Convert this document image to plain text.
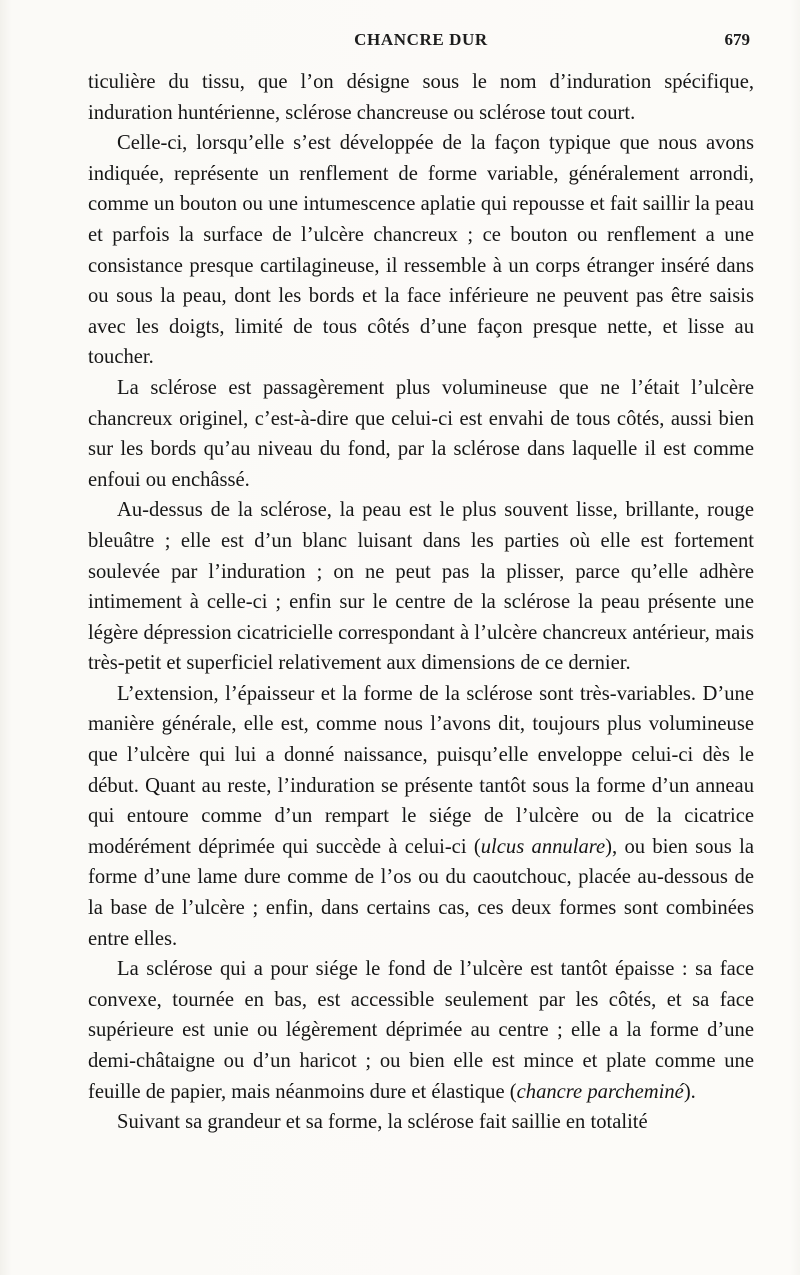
CHANCRE DUR	679

ticulière du tissu, que l’on désigne sous le nom d’induration spécifique, induration huntérienne, sclérose chancreuse ou sclérose tout court.

Celle-ci, lorsqu’elle s’est développée de la façon typique que nous avons indiquée, représente un renflement de forme variable, généralement arrondi, comme un bouton ou une intumescence aplatie qui repousse et fait saillir la peau et parfois la surface de l’ulcère chancreux ; ce bouton ou renflement a une consistance presque cartilagineuse, il ressemble à un corps étranger inséré dans ou sous la peau, dont les bords et la face inférieure ne peuvent pas être saisis avec les doigts, limité de tous côtés d’une façon presque nette, et lisse au toucher.

La sclérose est passagèrement plus volumineuse que ne l’était l’ulcère chancreux originel, c’est-à-dire que celui-ci est envahi de tous côtés, aussi bien sur les bords qu’au niveau du fond, par la sclérose dans laquelle il est comme enfoui ou enchâssé.

Au-dessus de la sclérose, la peau est le plus souvent lisse, brillante, rouge bleuâtre ; elle est d’un blanc luisant dans les parties où elle est fortement soulevée par l’induration ; on ne peut pas la plisser, parce qu’elle adhère intimement à celle-ci ; enfin sur le centre de la sclérose la peau présente une légère dépression cicatricielle correspondant à l’ulcère chancreux antérieur, mais très-petit et superficiel relativement aux dimensions de ce dernier.

L’extension, l’épaisseur et la forme de la sclérose sont très-variables. D’une manière générale, elle est, comme nous l’avons dit, toujours plus volumineuse que l’ulcère qui lui a donné naissance, puisqu’elle enveloppe celui-ci dès le début. Quant au reste, l’induration se présente tantôt sous la forme d’un anneau qui entoure comme d’un rempart le siége de l’ulcère ou de la cicatrice modérément déprimée qui succède à celui-ci (ulcus annulare), ou bien sous la forme d’une lame dure comme de l’os ou du caoutchouc, placée au-dessous de la base de l’ulcère ; enfin, dans certains cas, ces deux formes sont combinées entre elles.

La sclérose qui a pour siége le fond de l’ulcère est tantôt épaisse : sa face convexe, tournée en bas, est accessible seulement par les côtés, et sa face supérieure est unie ou légèrement déprimée au centre ; elle a la forme d’une demi-châtaigne ou d’un haricot ; ou bien elle est mince et plate comme une feuille de papier, mais néanmoins dure et élastique (chancre parcheminé).

Suivant sa grandeur et sa forme, la sclérose fait saillie en totalité
